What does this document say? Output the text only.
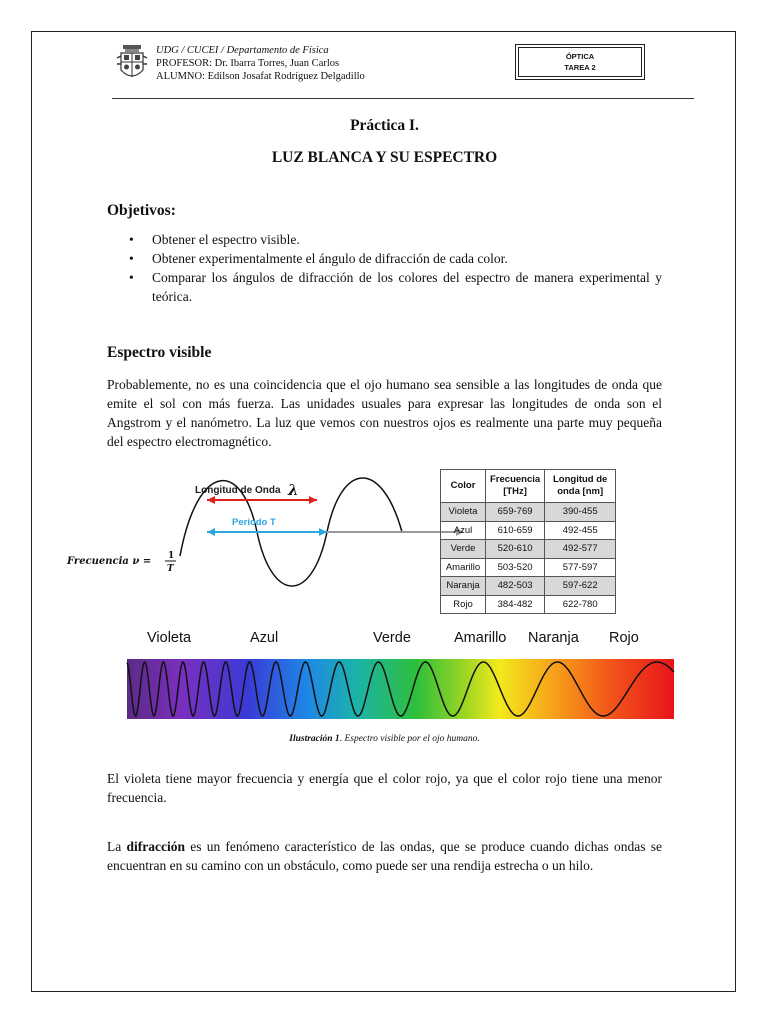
UDG / CUCEI / Departamento de Física
PROFESOR: Dr. Ibarra Torres, Juan Carlos
ALUMNO: Edilson Josafat Rodríguez Delgadillo
ÓPTICA
TAREA 2
Práctica I.
LUZ BLANCA Y SU ESPECTRO
Objetivos:
• Obtener el espectro visible.
• Obtener experimentalmente el ángulo de difracción de cada color.
• Comparar los ángulos de difracción de los colores del espectro de manera experimental y teórica.
Espectro visible

Probablemente, no es una coincidencia que el ojo humano sea sensible a las longitudes de onda que emite el sol con más fuerza. Las unidades usuales para expresar las longitudes de onda son el Angstrom y el nanómetro. La luz que vemos con nuestros ojos es realmente una parte muy pequeña del espectro electromagnético.

Longitud de Onda λ
Periodo T
Frecuencia ν = 1
T
Color	Frecuencia [THz]	Longitud de onda [nm]
Violeta	659-769	390-455
Azul	610-659	492-455
Verde	520-610	492-577
Amarillo	503-520	577-597
Naranja	482-503	597-622
Rojo	384-482	622-780
Violeta	Azul	Verde	Amarillo Naranja Rojo
Ilustración 1. Espectro visible por el ojo humano.

El violeta tiene mayor frecuencia y energía que el color rojo, ya que el color rojo tiene una menor frecuencia.

La difracción es un fenómeno característico de las ondas, que se produce cuando dichas ondas se encuentran en su camino con un obstáculo, como puede ser una rendija estrecha o un hilo.
